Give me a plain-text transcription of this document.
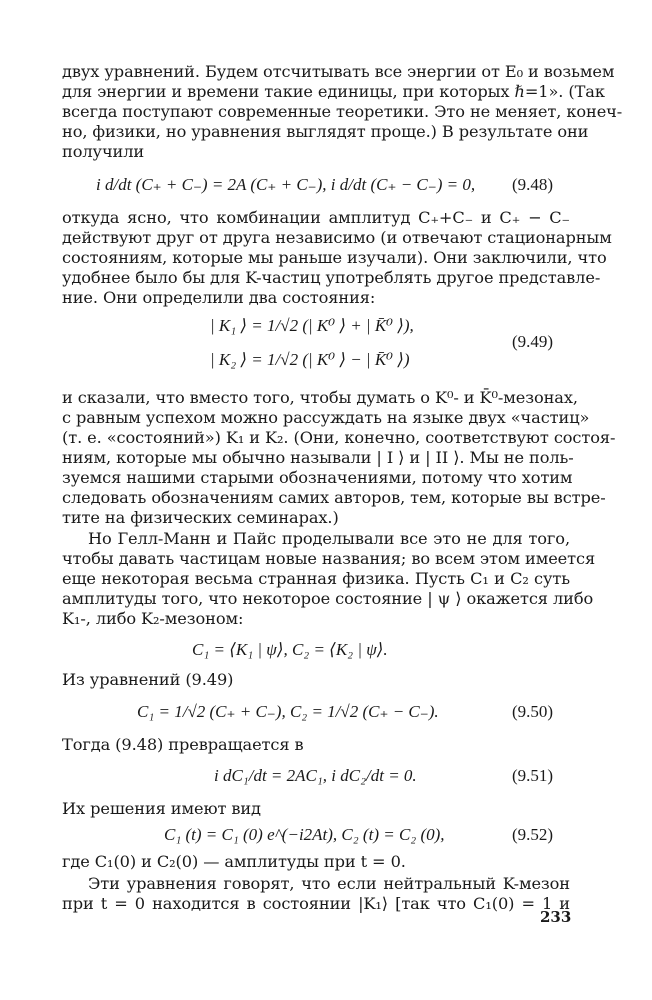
двух уравнений. Будем отсчитывать все энергии от E₀ и возьмем
для энергии и времени такие единицы, при которых ℏ=1». (Так
всегда поступают современные теоретики. Это не меняет, конеч-
но, физики, но уравнения выглядят проще.) В результате они
получили
i d/dt (C₊ + C₋) = 2A (C₊ + C₋), i d/dt (C₊ − C₋) = 0, (9.48)
откуда ясно, что комбинации амплитуд C₊+C₋ и C₊ − C₋
действуют друг от друга независимо (и отвечают стационарным
состояниям, которые мы раньше изучали). Они заключили, что
удобнее было бы для K-частиц употреблять другое представле-
ние. Они определили два состояния:
| K₁ ⟩ = 1/√2 (| K⁰ ⟩ + | K̄⁰ ⟩),
| K₂ ⟩ = 1/√2 (| K⁰ ⟩ − | K̄⁰ ⟩)
(9.49)
и сказали, что вместо того, чтобы думать о K⁰- и K̄⁰-мезонах,
с равным успехом можно рассуждать на языке двух «частиц»
(т. е. «состояний») K₁ и K₂. (Они, конечно, соответствуют состоя-
ниям, которые мы обычно называли | I ⟩ и | II ⟩. Мы не поль-
зуемся нашими старыми обозначениями, потому что хотим
следовать обозначениям самих авторов, тем, которые вы встре-
тите на физических семинарах.)
Но Гелл-Манн и Пайс проделывали все это не для того,
чтобы давать частицам новые названия; во всем этом имеется
еще некоторая весьма странная физика. Пусть C₁ и C₂ суть
амплитуды того, что некоторое состояние | ψ ⟩ окажется либо
K₁-, либо K₂-мезоном:
C₁ = ⟨K₁ | ψ⟩, C₂ = ⟨K₂ | ψ⟩.
Из уравнений (9.49)
C₁ = 1/√2 (C₊ + C₋), C₂ = 1/√2 (C₊ − C₋).	(9.50)
Тогда (9.48) превращается в
i dC₁/dt = 2AC₁, i dC₂/dt = 0.	(9.51)
Их решения имеют вид
C₁ (t) = C₁ (0) e^(−i2At), C₂ (t) = C₂ (0),	(9.52)
где C₁(0) и C₂(0) — амплитуды при t = 0.
Эти уравнения говорят, что если нейтральный K-мезон
при t = 0 находится в состоянии |K₁⟩ [так что C₁(0) = 1 и
233
